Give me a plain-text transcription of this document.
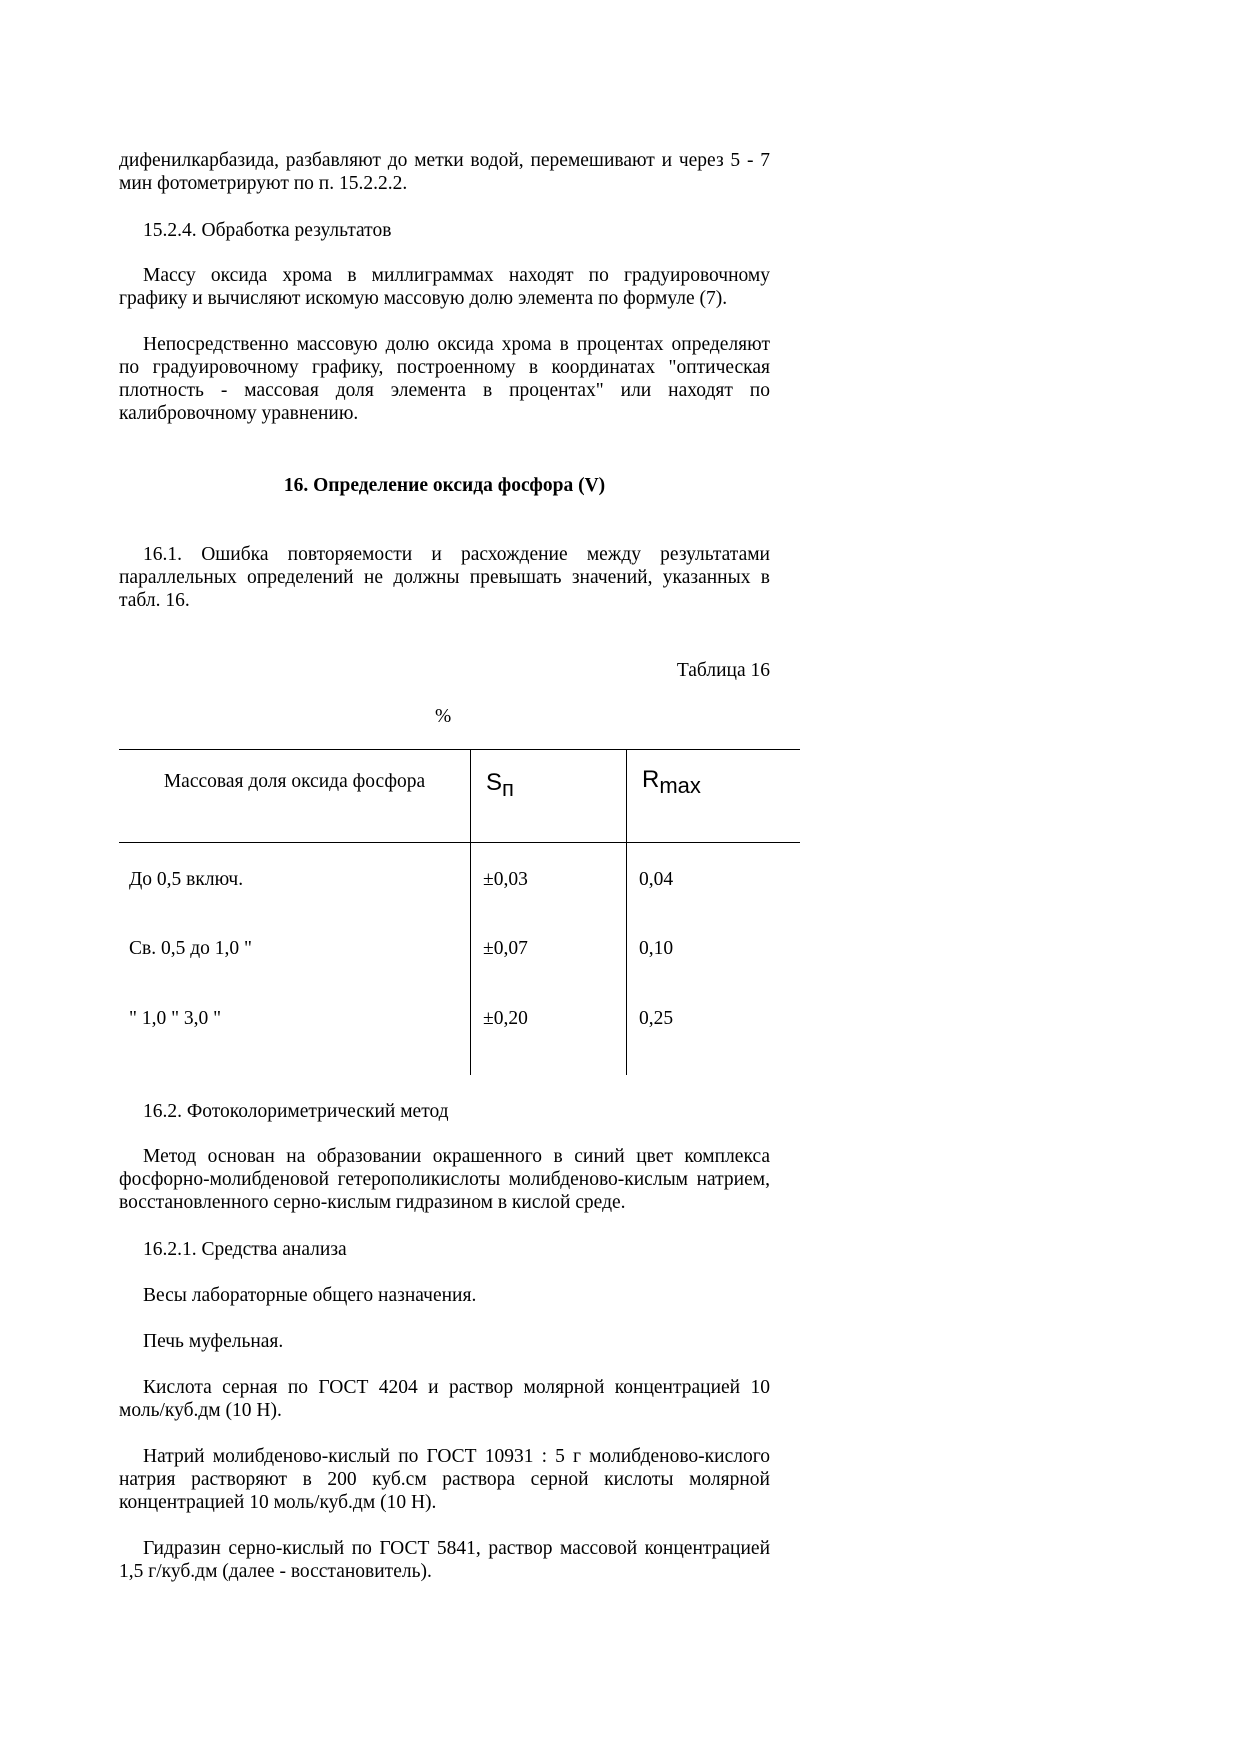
дифенилкарбазида, разбавляют до метки водой, перемешивают и через 5 - 7 мин фотометрируют по п. 15.2.2.2.

15.2.4. Обработка результатов

Массу оксида хрома в миллиграммах находят по градуировочному графику и вычисляют искомую массовую долю элемента по формуле (7).

Непосредственно массовую долю оксида хрома в процентах определяют по градуировочному графику, построенному в координатах "оптическая плотность - массовая доля элемента в процентах" или находят по калибровочному уравнению.

16. Определение оксида фосфора (V)

16.1. Ошибка повторяемости и расхождение между результатами параллельных определений не должны превышать значений, указанных в табл. 16.

Таблица 16
%
Массовая доля оксида фосфора	$S_п$	$R_{max}$
До 0,5 включ.	±0,03	0,04
Св. 0,5 до 1,0 "	±0,07	0,10
" 1,0 " 3,0 "	±0,20	0,25

16.2. Фотоколориметрический метод

Метод основан на образовании окрашенного в синий цвет комплекса фосфорно-молибденовой гетерополикислоты молибденово-кислым натрием, восстановленного серно-кислым гидразином в кислой среде.

16.2.1. Средства анализа

Весы лабораторные общего назначения.

Печь муфельная.

Кислота серная по ГОСТ 4204 и раствор молярной концентрацией 10 моль/куб.дм (10 Н).

Натрий молибденово-кислый по ГОСТ 10931 : 5 г молибденово-кислого натрия растворяют в 200 куб.см раствора серной кислоты молярной концентрацией 10 моль/куб.дм (10 Н).

Гидразин серно-кислый по ГОСТ 5841, раствор массовой концентрацией 1,5 г/куб.дм (далее - восстановитель).
